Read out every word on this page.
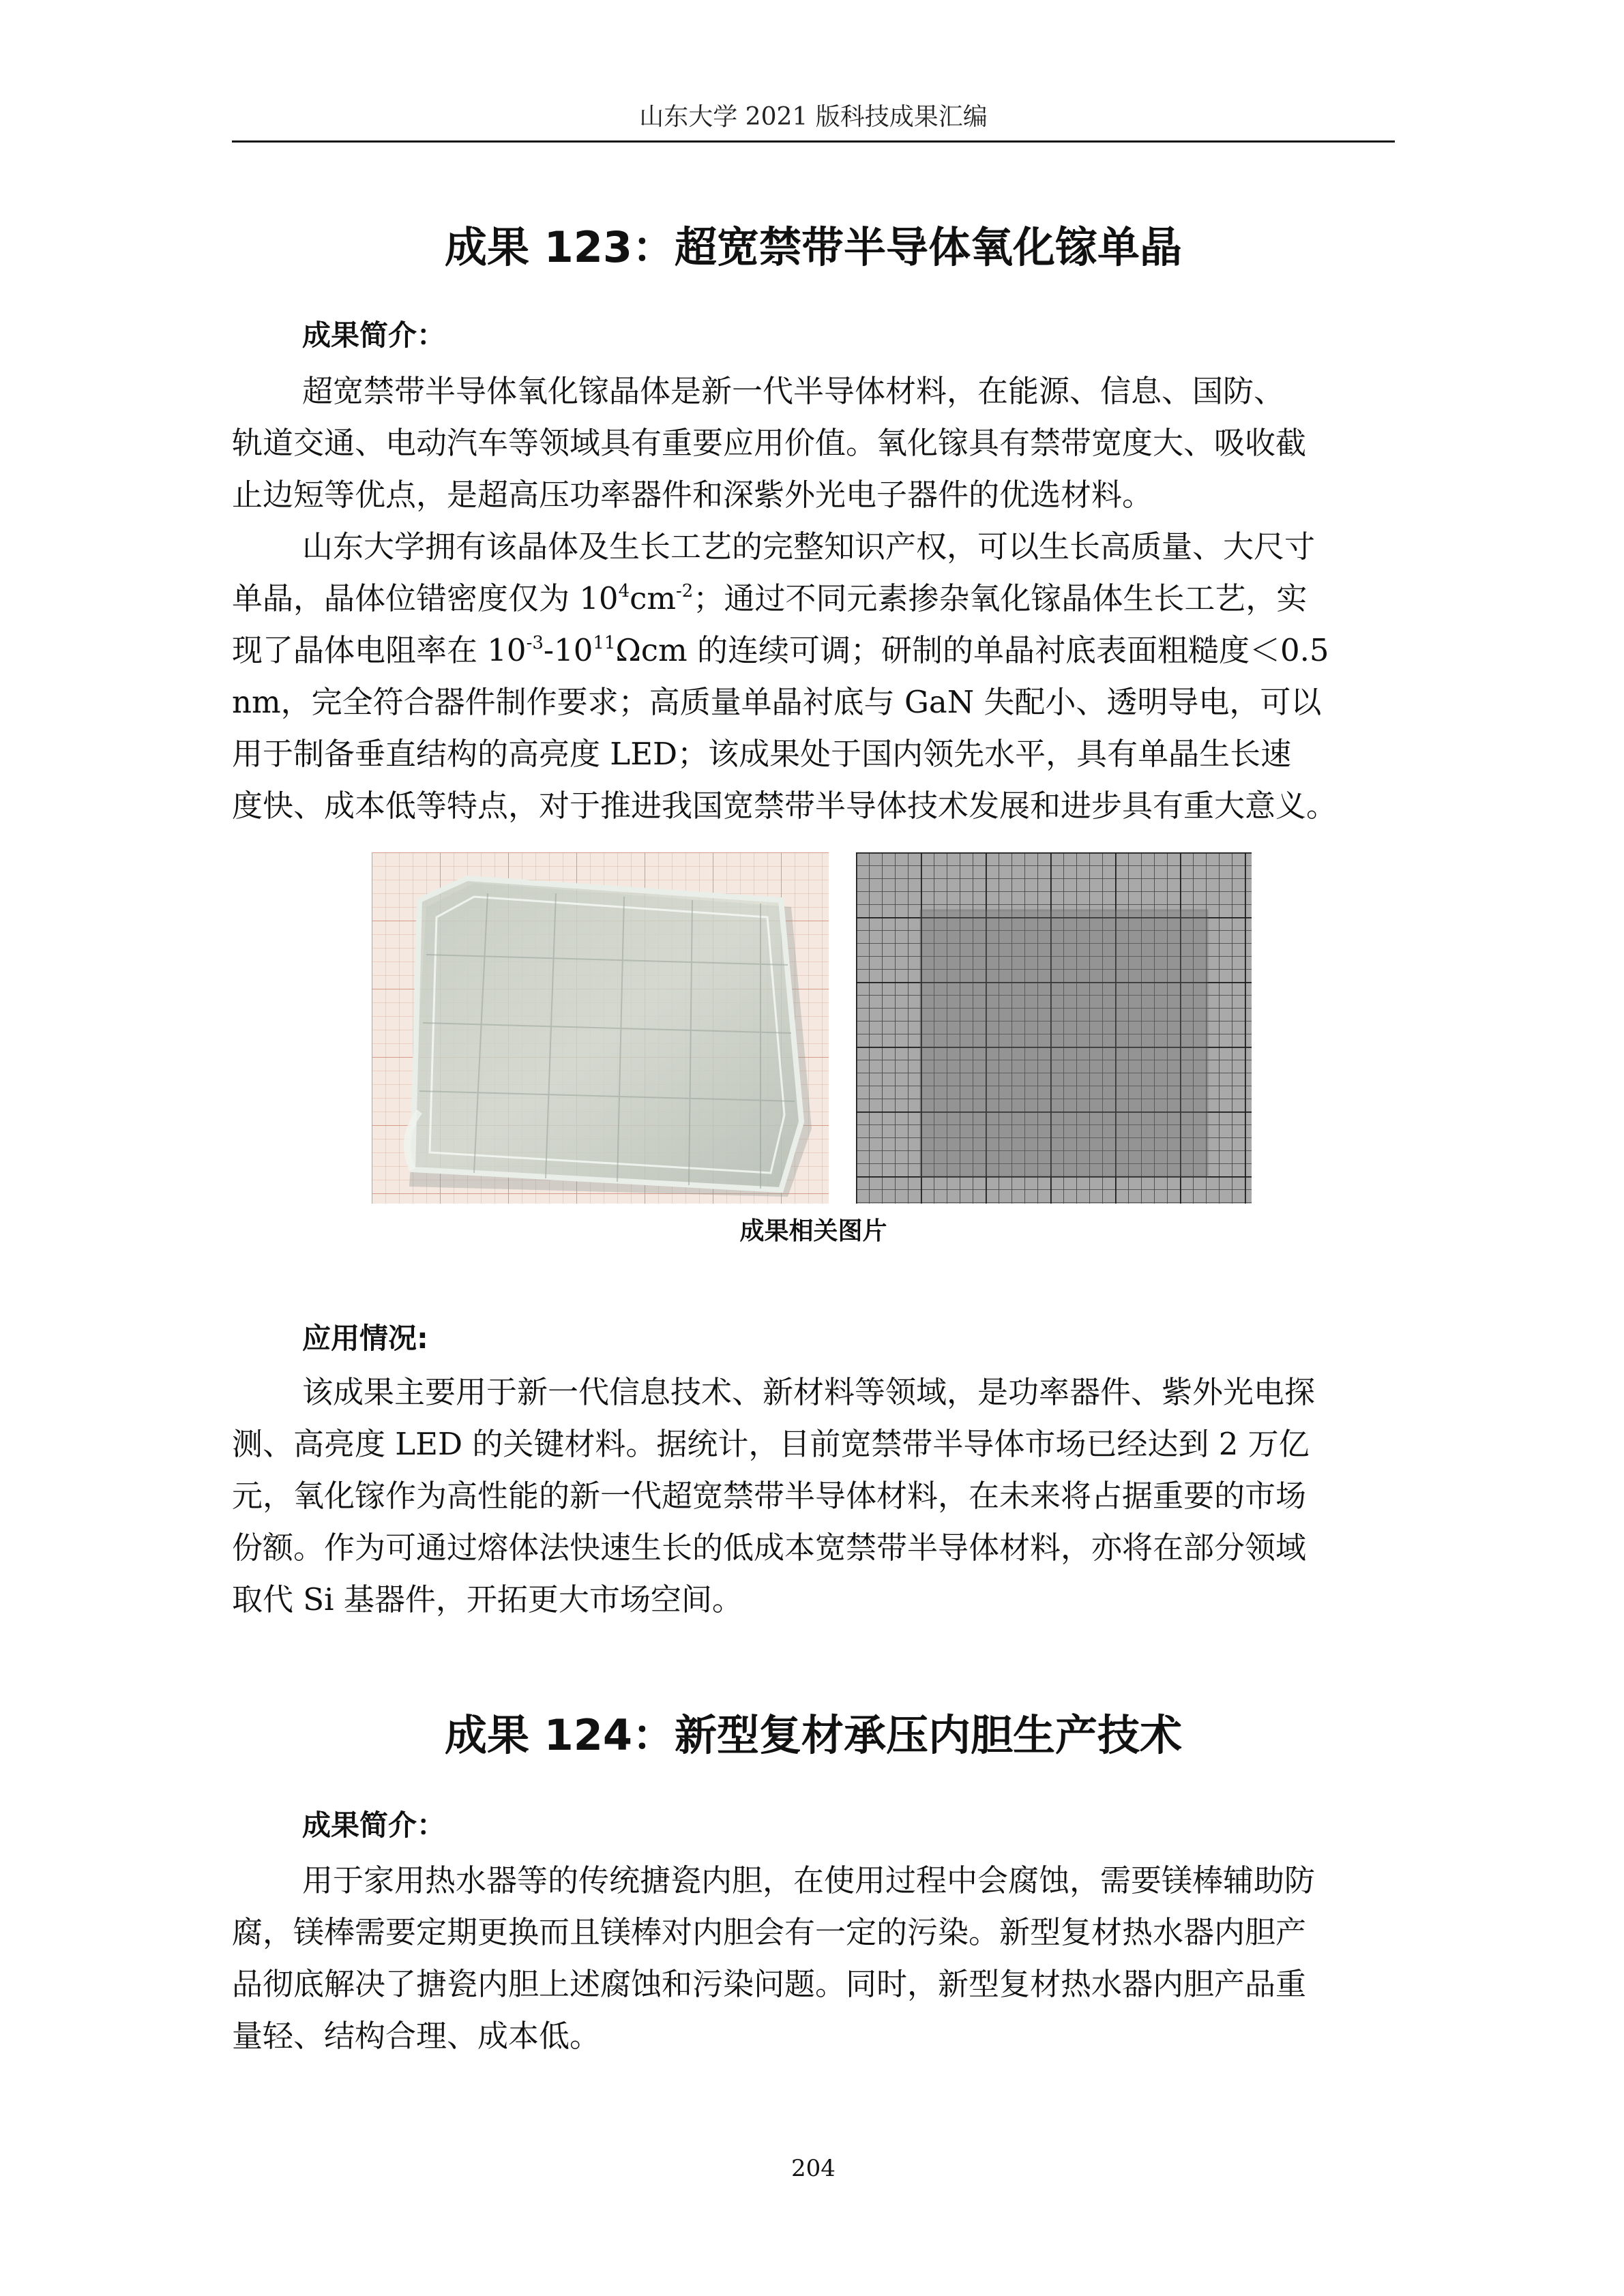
山东大学 2021 版科技成果汇编
成果 123：超宽禁带半导体氧化镓单晶
成果简介：
超宽禁带半导体氧化镓晶体是新一代半导体材料，在能源、信息、国防、
轨道交通、电动汽车等领域具有重要应用价值。氧化镓具有禁带宽度大、吸收截
止边短等优点，是超高压功率器件和深紫外光电子器件的优选材料。
山东大学拥有该晶体及生长工艺的完整知识产权，可以生长高质量、大尺寸
单晶，晶体位错密度仅为 $10^4cm^{-2}$；通过不同元素掺杂氧化镓晶体生长工艺，实
现了晶体电阻率在 $10^{-3}-10^{11}\Omega cm$ 的连续可调；研制的单晶衬底表面粗糙度＜0.5
nm，完全符合器件制作要求；高质量单晶衬底与 GaN 失配小、透明导电，可以
用于制备垂直结构的高亮度 LED；该成果处于国内领先水平，具有单晶生长速
度快、成本低等特点，对于推进我国宽禁带半导体技术发展和进步具有重大意义。
成果相关图片
应用情况:
该成果主要用于新一代信息技术、新材料等领域，是功率器件、紫外光电探
测、高亮度 LED 的关键材料。据统计，目前宽禁带半导体市场已经达到 2 万亿
元，氧化镓作为高性能的新一代超宽禁带半导体材料，在未来将占据重要的市场
份额。作为可通过熔体法快速生长的低成本宽禁带半导体材料，亦将在部分领域
取代 Si 基器件，开拓更大市场空间。
成果 124：新型复材承压内胆生产技术
成果简介：
用于家用热水器等的传统搪瓷内胆，在使用过程中会腐蚀，需要镁棒辅助防
腐，镁棒需要定期更换而且镁棒对内胆会有一定的污染。新型复材热水器内胆产
品彻底解决了搪瓷内胆上述腐蚀和污染问题。同时，新型复材热水器内胆产品重
量轻、结构合理、成本低。
204
